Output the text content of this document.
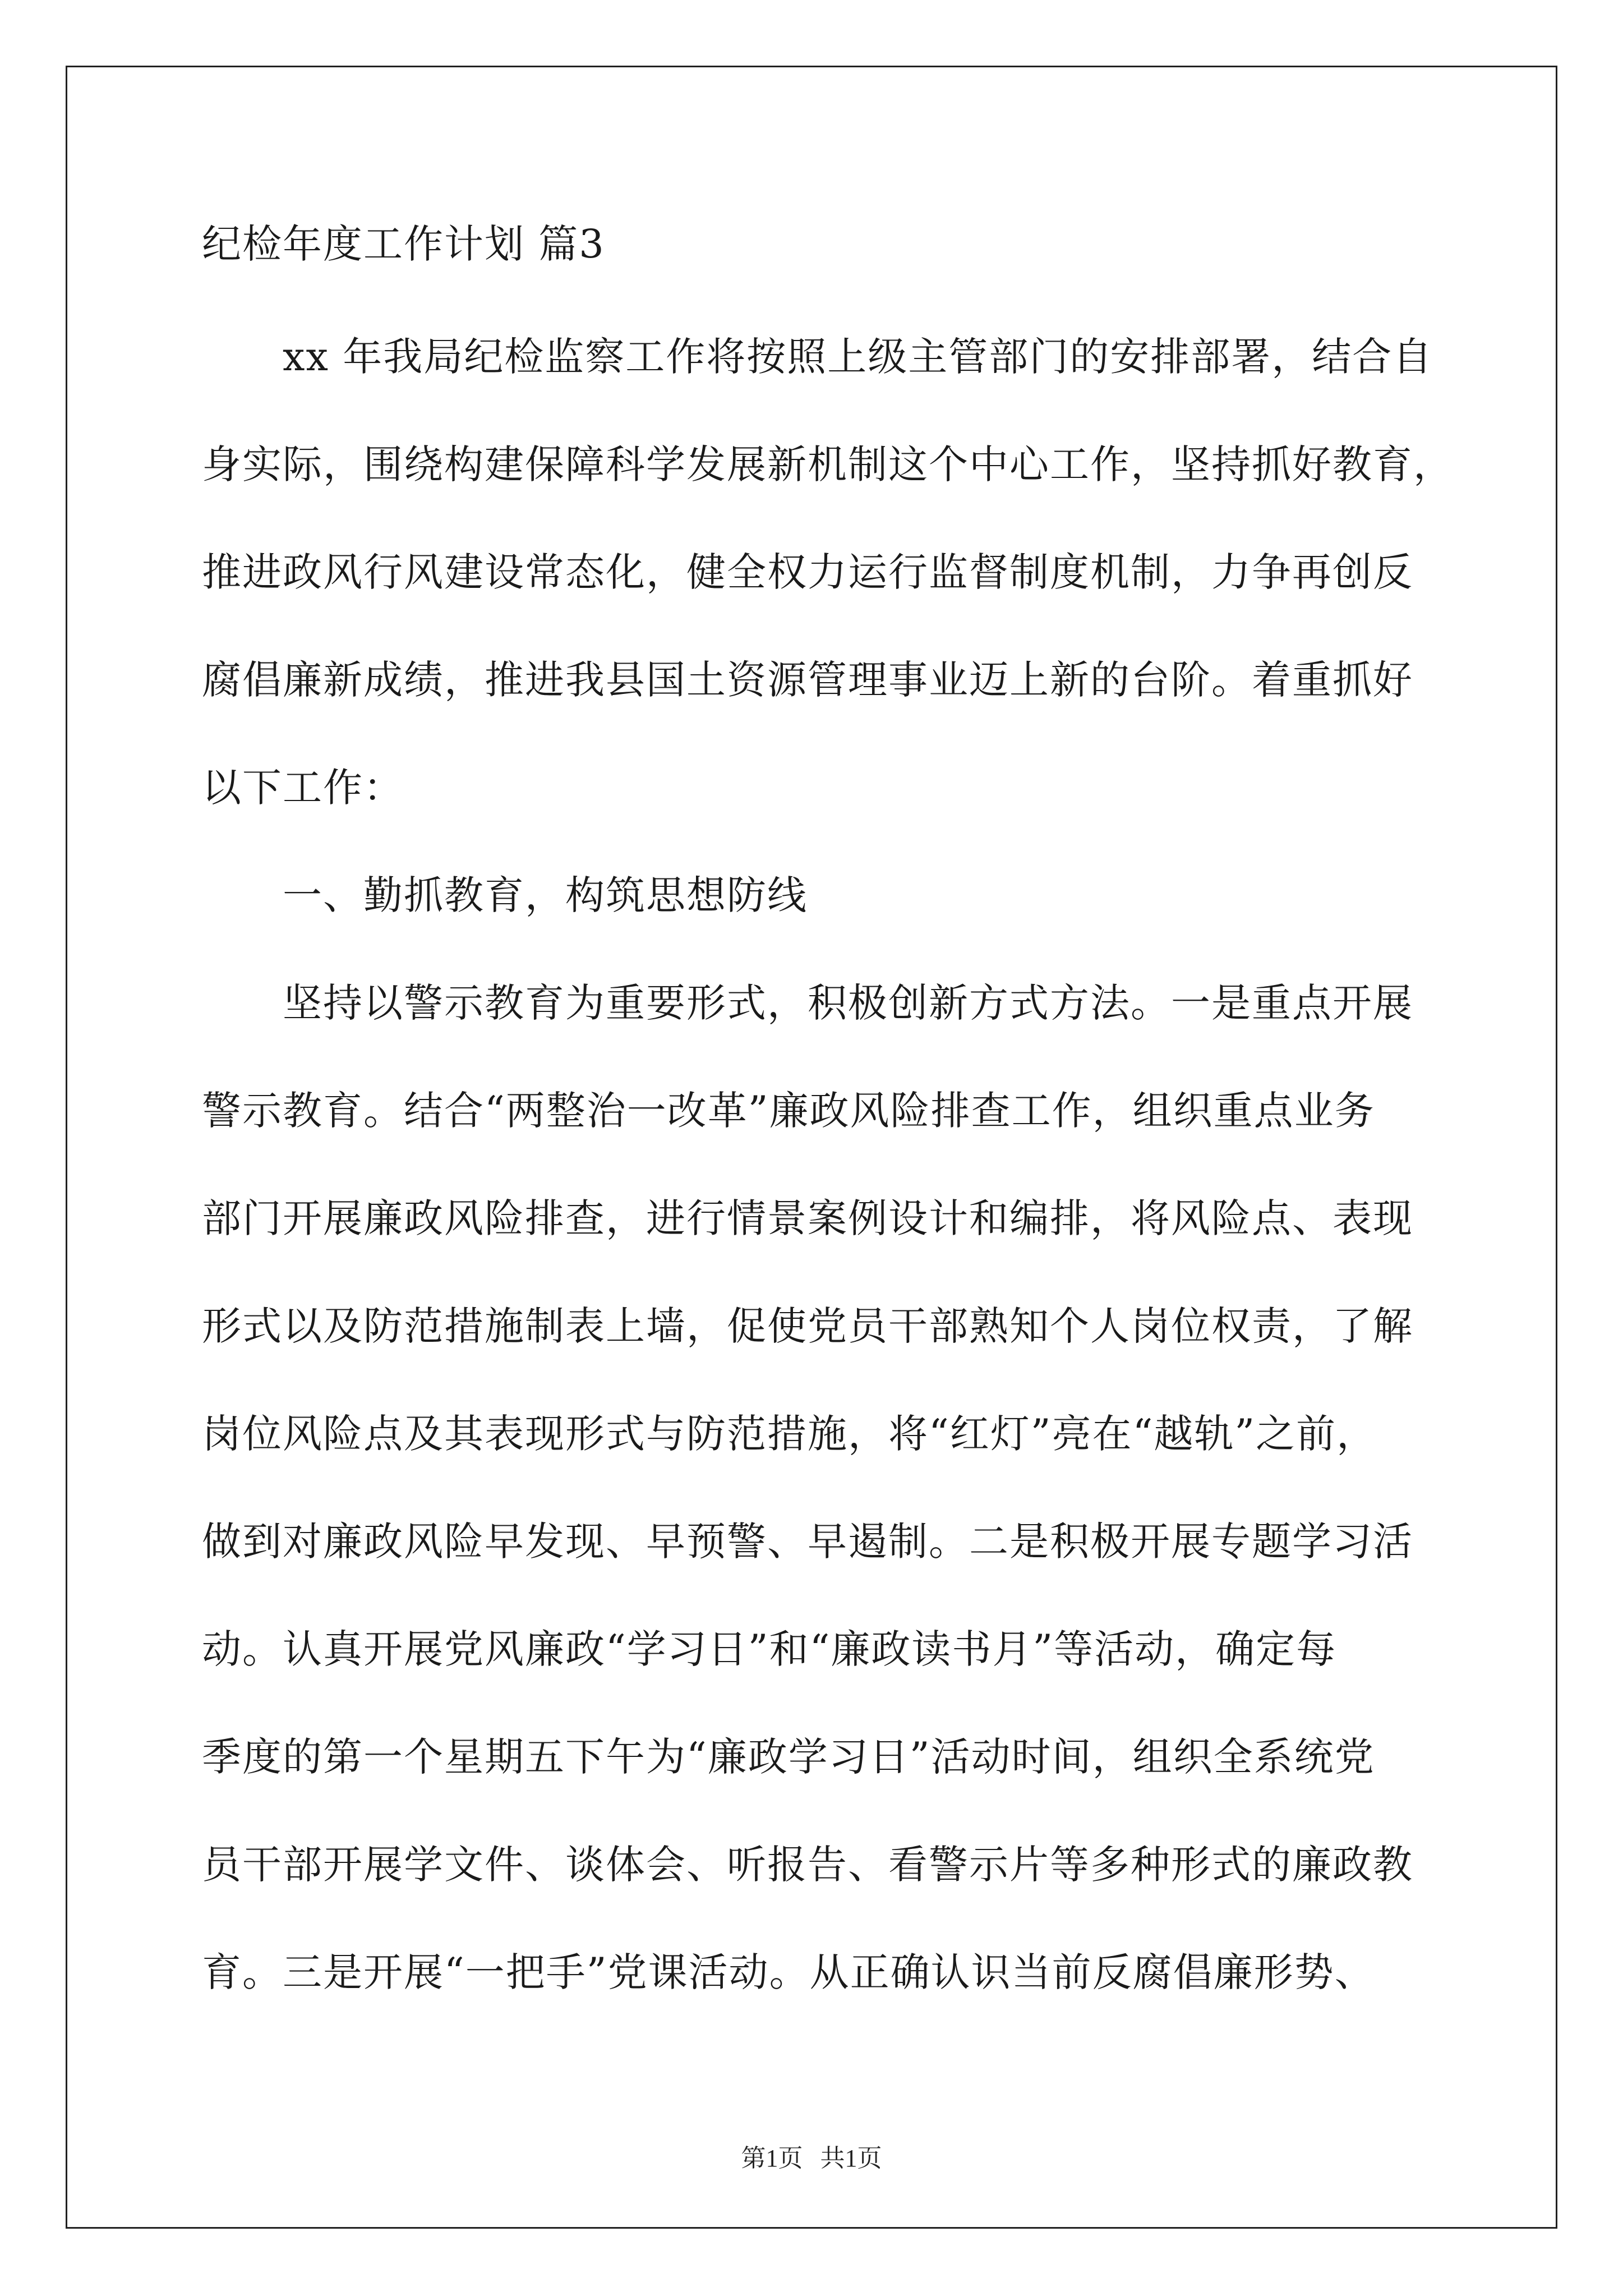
纪检年度工作计划 篇3
　　xx 年我局纪检监察工作将按照上级主管部门的安排部署，结合自
身实际，围绕构建保障科学发展新机制这个中心工作，坚持抓好教育，
推进政风行风建设常态化，健全权力运行监督制度机制，力争再创反
腐倡廉新成绩，推进我县国土资源管理事业迈上新的台阶。着重抓好
以下工作：
　　一、勤抓教育，构筑思想防线
　　坚持以警示教育为重要形式，积极创新方式方法。一是重点开展
警示教育。结合“两整治一改革”廉政风险排查工作，组织重点业务
部门开展廉政风险排查，进行情景案例设计和编排，将风险点、表现
形式以及防范措施制表上墙，促使党员干部熟知个人岗位权责，了解
岗位风险点及其表现形式与防范措施，将“红灯”亮在“越轨”之前，
做到对廉政风险早发现、早预警、早遏制。二是积极开展专题学习活
动。认真开展党风廉政“学习日”和“廉政读书月”等活动，确定每
季度的第一个星期五下午为“廉政学习日”活动时间，组织全系统党
员干部开展学文件、谈体会、听报告、看警示片等多种形式的廉政教
育。三是开展“一把手”党课活动。从正确认识当前反腐倡廉形势、
第1页 共1页
